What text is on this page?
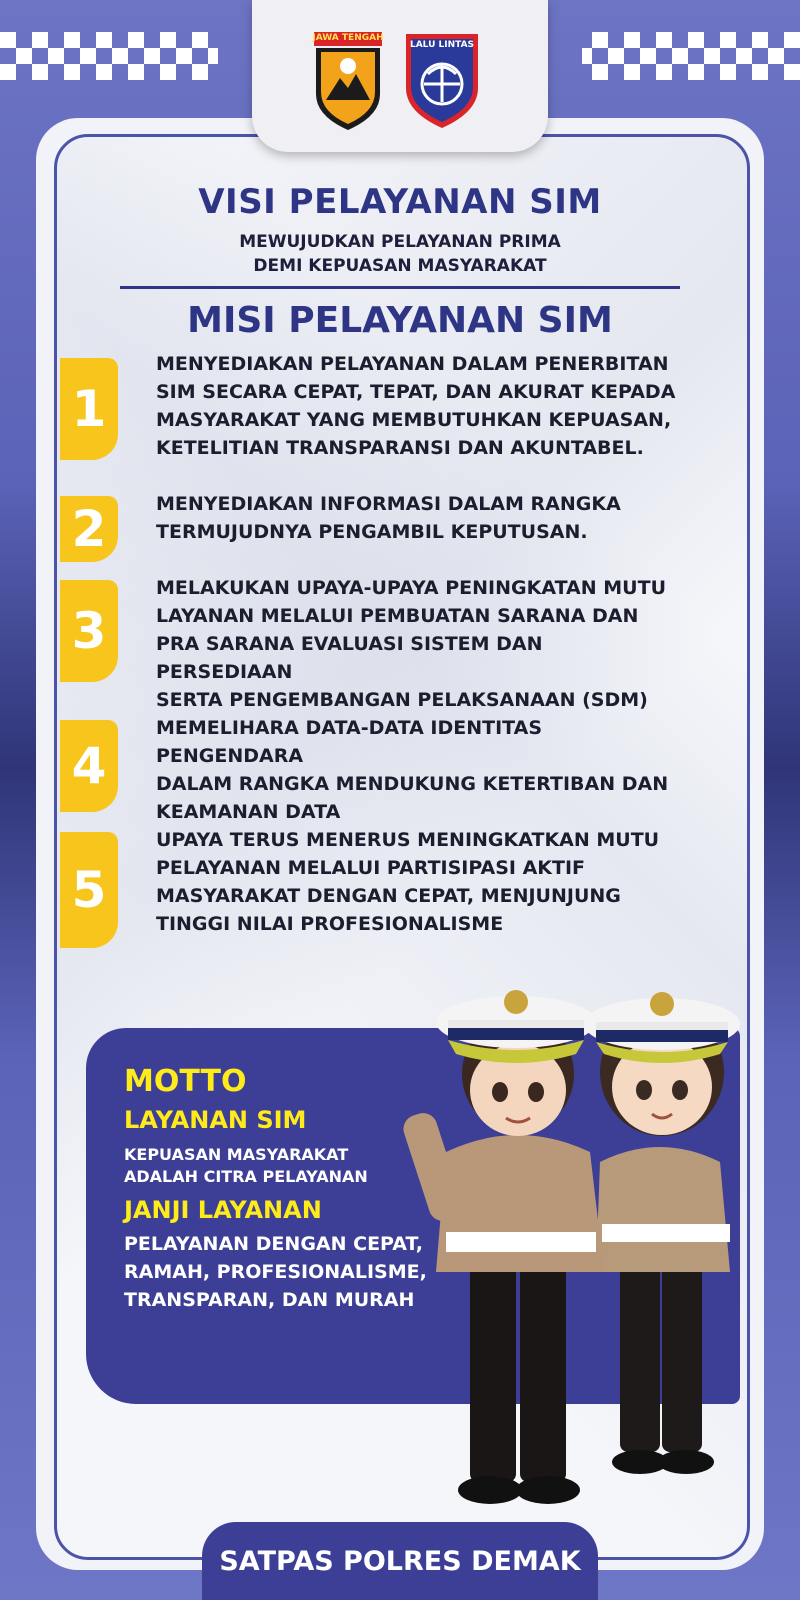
JAWA TENGAH
LALU LINTAS
VISI PELAYANAN SIM
MEWUJUDKAN PELAYANAN PRIMA
DEMI KEPUASAN MASYARAKAT
MISI PELAYANAN SIM
1
MENYEDIAKAN PELAYANAN DALAM PENERBITAN
SIM SECARA CEPAT, TEPAT, DAN AKURAT KEPADA
MASYARAKAT YANG MEMBUTUHKAN KEPUASAN,
KETELITIAN TRANSPARANSI DAN AKUNTABEL.
2	MENYEDIAKAN INFORMASI DALAM RANGKA
TERMUJUDNYA PENGAMBIL KEPUTUSAN.
3
MELAKUKAN UPAYA-UPAYA PENINGKATAN MUTU
LAYANAN MELALUI PEMBUATAN SARANA DAN
PRA SARANA EVALUASI SISTEM DAN PERSEDIAAN
SERTA PENGEMBANGAN PELAKSANAAN (SDM)
4
MEMELIHARA DATA-DATA IDENTITAS PENGENDARA
DALAM RANGKA MENDUKUNG KETERTIBAN DAN
KEAMANAN DATA
5
UPAYA TERUS MENERUS MENINGKATKAN MUTU
PELAYANAN MELALUI PARTISIPASI AKTIF
MASYARAKAT DENGAN CEPAT, MENJUNJUNG
TINGGI NILAI PROFESIONALISME
MOTTO
LAYANAN SIM
KEPUASAN MASYARAKAT
ADALAH CITRA PELAYANAN
JANJI LAYANAN
PELAYANAN DENGAN CEPAT,
RAMAH, PROFESIONALISME,
TRANSPARAN, DAN MURAH
SATPAS POLRES DEMAK
